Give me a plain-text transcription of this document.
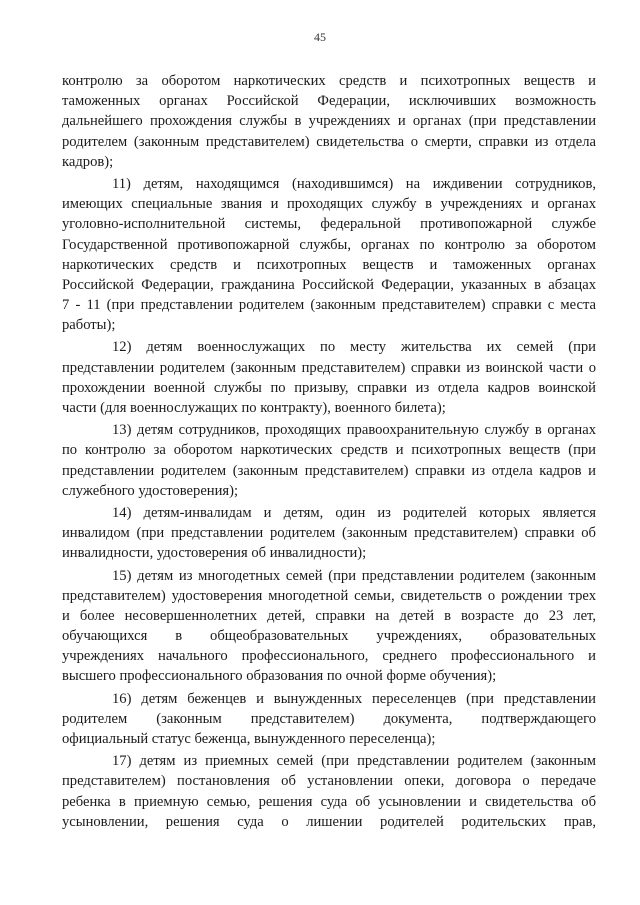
45
контролю за оборотом наркотических средств и психотропных веществ и
таможенных органах Российской Федерации, исключивших возможность
дальнейшего прохождения службы в учреждениях и органах (при представлении
родителем (законным представителем) свидетельства о смерти, справки из отдела
кадров);
11) детям, находящимся (находившимся) на иждивении сотрудников,
имеющих специальные звания и проходящих службу в учреждениях и органах
уголовно-исполнительной системы, федеральной противопожарной службе
Государственной противопожарной службы, органах по контролю за оборотом
наркотических средств и психотропных веществ и таможенных органах
Российской Федерации, гражданина Российской Федерации, указанных в абзацах
7 - 11 (при представлении родителем (законным представителем) справки с места
работы);
12) детям военнослужащих по месту жительства их семей (при
представлении родителем (законным представителем) справки из воинской части о
прохождении военной службы по призыву, справки из отдела кадров воинской
части (для военнослужащих по контракту), военного билета);
13) детям сотрудников, проходящих правоохранительную службу в органах
по контролю за оборотом наркотических средств и психотропных веществ (при
представлении родителем (законным представителем) справки из отдела кадров и
служебного удостоверения);
14) детям-инвалидам и детям, один из родителей которых является
инвалидом (при представлении родителем (законным представителем) справки об
инвалидности, удостоверения об инвалидности);
15) детям из многодетных семей (при представлении родителем (законным
представителем) удостоверения многодетной семьи, свидетельств о рождении трех
и более несовершеннолетних детей, справки на детей в возрасте до 23 лет,
обучающихся в общеобразовательных учреждениях, образовательных
учреждениях начального профессионального, среднего профессионального и
высшего профессионального образования по очной форме обучения);
16) детям беженцев и вынужденных переселенцев (при представлении
родителем (законным представителем) документа, подтверждающего
официальный статус беженца, вынужденного переселенца);
17) детям из приемных семей (при представлении родителем (законным
представителем) постановления об установлении опеки, договора о передаче
ребенка в приемную семью, решения суда об усыновлении и свидетельства об
усыновлении, решения суда о лишении родителей родительских прав,
